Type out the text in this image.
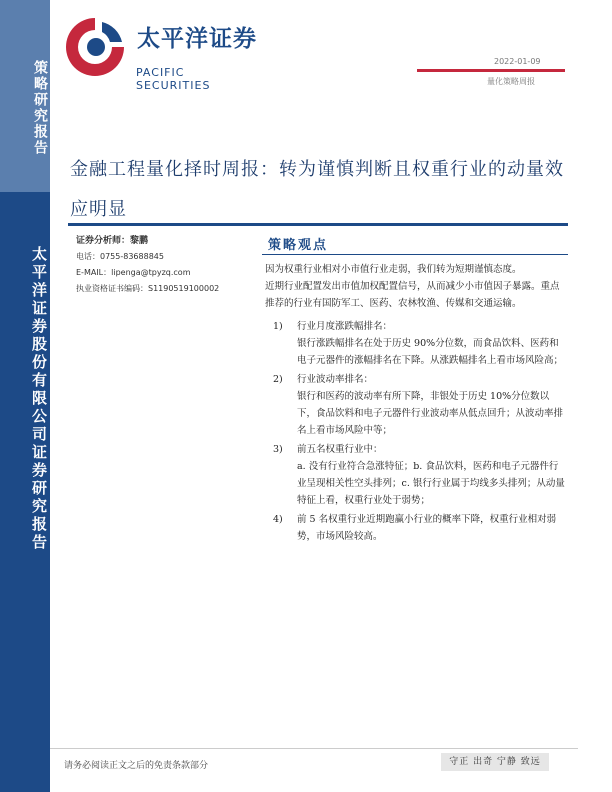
策略研究报告
太平洋证券股份有限公司证券研究报告
太平洋证券
PACIFIC SECURITIES
2022-01-09
量化策略周报
金融工程量化择时周报：转为谨慎判断且权重行业的动量效应明显
证券分析师：黎鹏
电话：0755-83688845
E-MAIL：lipenga@tpyzq.com
执业资格证书编码：S1190519100002
策略观点

因为权重行业相对小市值行业走弱，我们转为短期谨慎态度。

近期行业配置发出市值加权配置信号，从而减少小市值因子暴露。重点推荐的行业有国防军工、医药、农林牧渔、传媒和交通运输。

1)	行业月度涨跌幅排名：

银行涨跌幅排名在处于历史 90%分位数，而食品饮料、医药和电子元器件的涨幅排名在下降。从涨跌幅排名上看市场风险高；

2)	行业波动率排名：

银行和医药的波动率有所下降，非银处于历史 10%分位数以下，食品饮料和电子元器件行业波动率从低点回升；从波动率排名上看市场风险中等；

3)	前五名权重行业中：

a. 没有行业符合急涨特征；b. 食品饮料，医药和电子元器件行业呈现相关性空头排列；c. 银行行业属于均线多头排列；从动量特征上看，权重行业处于弱势；

4)	前 5 名权重行业近期跑赢小行业的概率下降，权重行业相对弱势，市场风险较高。
请务必阅读正文之后的免责条款部分	守正 出奇 宁静 致远
